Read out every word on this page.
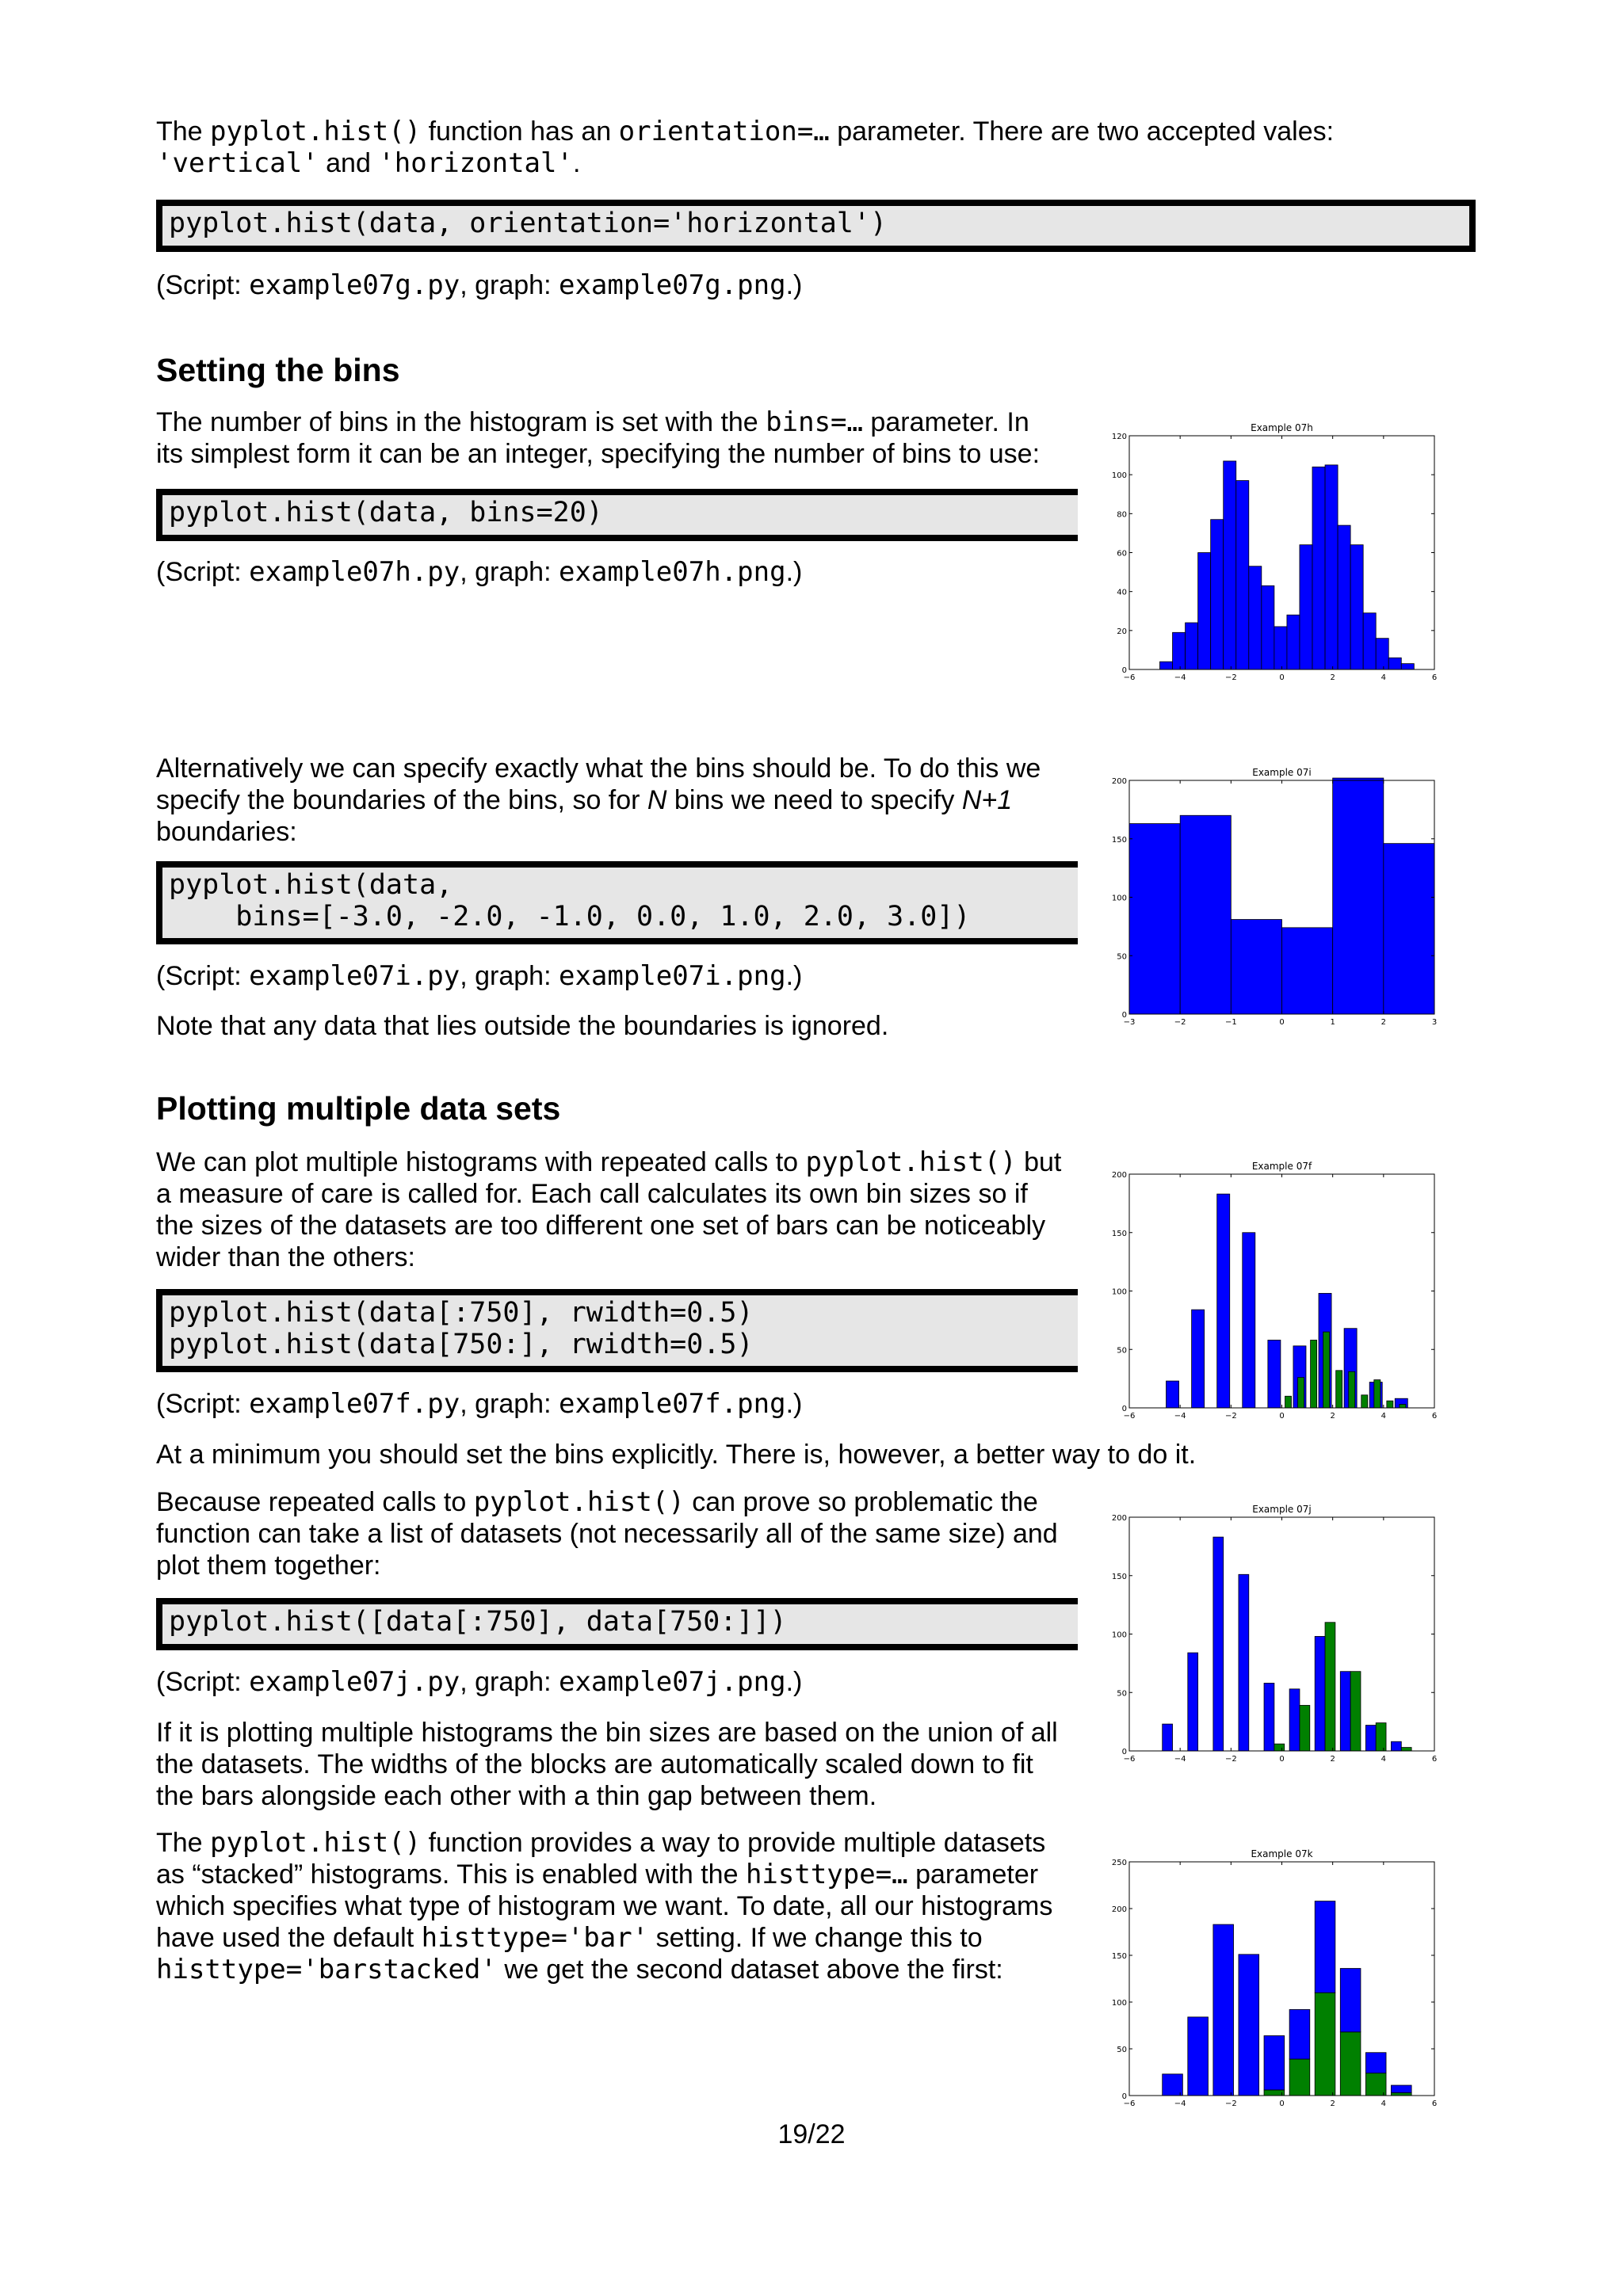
The pyplot.hist() function has an orientation=… parameter. There are two accepted vales:
'vertical' and 'horizontal'.

pyplot.hist(data, orientation='horizontal')

(Script: example07g.py, graph: example07g.png.)

Setting the bins

The number of bins in the histogram is set with the bins=… parameter. In
its simplest form it can be an integer, specifying the number of bins to use:

pyplot.hist(data, bins=20)

(Script: example07h.py, graph: example07h.png.)

Alternatively we can specify exactly what the bins should be. To do this we
specify the boundaries of the bins, so for N bins we need to specify N+1
boundaries:

pyplot.hist(data,
bins=[-3.0, -2.0, -1.0, 0.0, 1.0, 2.0, 3.0])

(Script: example07i.py, graph: example07i.png.)

Note that any data that lies outside the boundaries is ignored.

Plotting multiple data sets

We can plot multiple histograms with repeated calls to pyplot.hist() but
a measure of care is called for. Each call calculates its own bin sizes so if
the sizes of the datasets are too different one set of bars can be noticeably
wider than the others:

pyplot.hist(data[:750], rwidth=0.5)
pyplot.hist(data[750:], rwidth=0.5)

(Script: example07f.py, graph: example07f.png.)

At a minimum you should set the bins explicitly. There is, however, a better way to do it.

Because repeated calls to pyplot.hist() can prove so problematic the
function can take a list of datasets (not necessarily all of the same size) and
plot them together:

pyplot.hist([data[:750], data[750:]])

(Script: example07j.py, graph: example07j.png.)

If it is plotting multiple histograms the bin sizes are based on the union of all
the datasets. The widths of the blocks are automatically scaled down to fit
the bars alongside each other with a thin gap between them.

The pyplot.hist() function provides a way to provide multiple datasets
as “stacked” histograms. This is enabled with the histtype=… parameter
which specifies what type of histogram we want. To date, all our histograms
have used the default histtype='bar' setting. If we change this to
histtype='barstacked' we get the second dataset above the first:

Example 07h
−6	−4	−2	0	2	4	6
0
20
40
60
80
100
120
Example 07i
−3	−2	−1	0	1	2	3
0
50
100
150
200
Example 07f
−6	−4	−2	0	2	4	6
0
50
100
150
200
Example 07j
−6	−4	−2	0	2	4	6
0
50
100
150
200
Example 07k
−6	−4	−2	0	2	4	6
0
50
100
150
200
250
19/22
